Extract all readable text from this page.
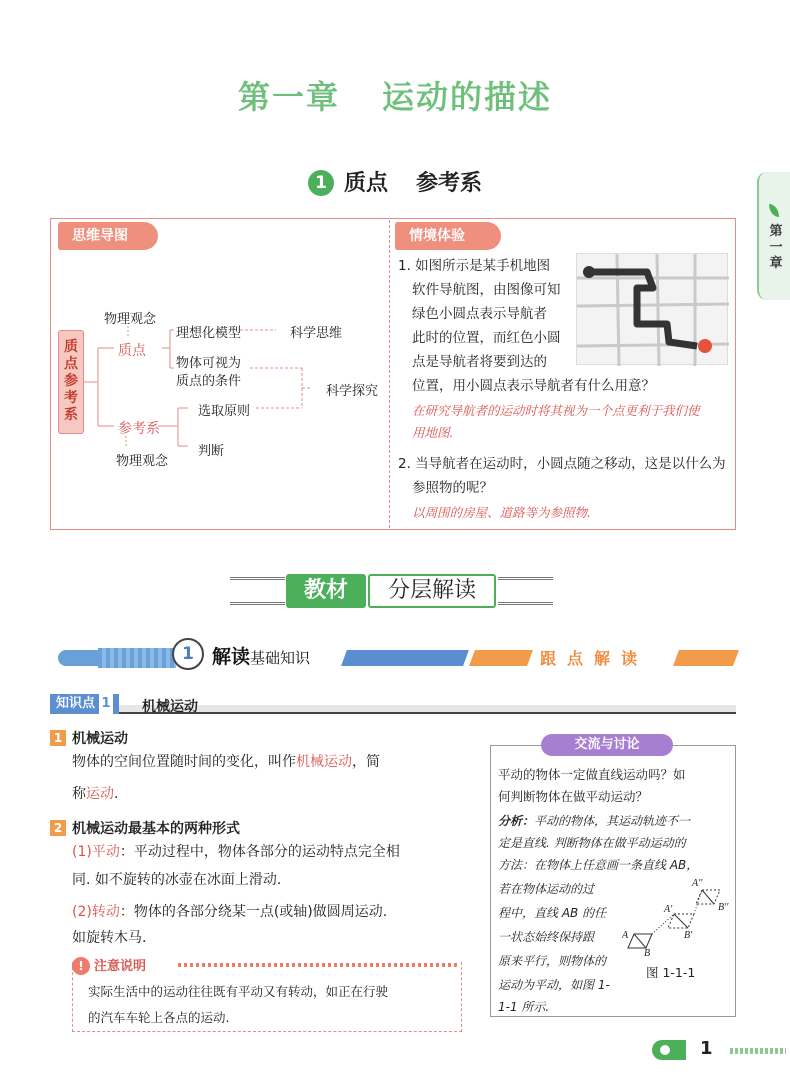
第一章 运动的描述
1 质点 参考系
第一章
思维导图	情境体验
质点参考系
物理观念
质点
理想化模型
物体可视为
质点的条件
科学思维
科学探究
参考系
选取原则
判断
物理观念
1. 如图所示是某手机地图
软件导航图，由图像可知
绿色小圆点表示导航者
此时的位置，而红色小圆
点是导航者将要到达的
位置，用小圆点表示导航者有什么用意？
在研究导航者的运动时将其视为一个点更利于我们使
用地图.
2. 当导航者在运动时，小圆点随之移动，这是以什么为
参照物的呢？
以周围的房屋、道路等为参照物.
教材	分层解读
1 解读基础知识	跟点解读
知识点 1	机械运动
1 机械运动
物体的空间位置随时间的变化，叫作机械运动，简
称运动.
2 机械运动最基本的两种形式
(1)平动：平动过程中，物体各部分的运动特点完全相
同. 如不旋转的冰壶在冰面上滑动.
(2)转动：物体的各部分绕某一点(或轴)做圆周运动.
如旋转木马.
! 注意说明
实际生活中的运动往往既有平动又有转动，如正在行驶
的汽车车轮上各点的运动.
交流与讨论
平动的物体一定做直线运动吗？如
何判断物体在做平动运动？
分析：平动的物体，其运动轨迹不一
定是直线. 判断物体在做平动运动的
方法：在物体上任意画一条直线 AB，
若在物体运动的过
程中，直线 AB 的任
一状态始终保持跟
原来平行，则物体的
运动为平动，如图 1-
1-1 所示.
A
B
A'
B'
A''
B''
图 1-1-1
1
